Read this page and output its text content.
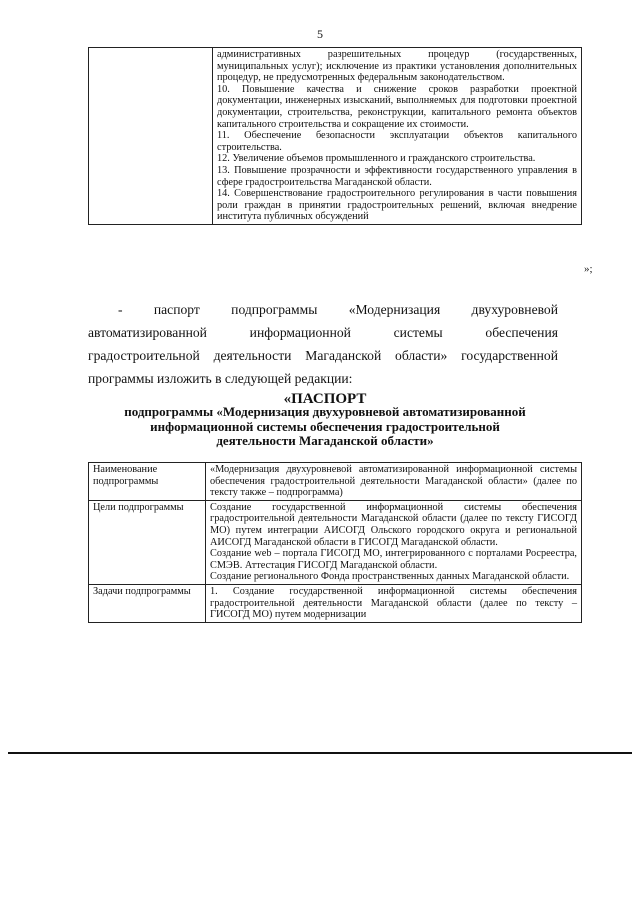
5

административных разрешительных процедур (государственных, муниципальных услуг); исключение из практики установления дополнительных процедур, не предусмотренных федеральным законодательством.
10. Повышение качества и снижение сроков разработки проектной документации, инженерных изысканий, выполняемых для подготовки проектной документации, строительства, реконструкции, капитального ремонта объектов капитального строительства и сокращение их стоимости.
11. Обеспечение безопасности эксплуатации объектов капитального строительства.
12. Увеличение объемов промышленного и гражданского строительства.
13. Повышение прозрачности и эффективности государственного управления в сфере градостроительства Магаданской области.
14. Совершенствование градостроительного регулирования в части повышения роли граждан в принятии градостроительных решений, включая внедрение института публичных обсуждений
»;
- паспорт подпрограммы «Модернизация двухуровневой
автоматизированной информационной системы обеспечения
градостроительной деятельности Магаданской области» государственной
программы изложить в следующей редакции:
«ПАСПОРТ
подпрограммы «Модернизация двухуровневой автоматизированной
информационной системы обеспечения градостроительной
деятельности Магаданской области»
Наименование подпрограммы	«Модернизация двухуровневой автоматизированной информационной системы обеспечения градостроительной деятельности Магаданской области» (далее по тексту также – подпрограмма)

Цели подпрограммы	Создание государственной информационной системы обеспечения градостроительной деятельности Магаданской области (далее по тексту ГИСОГД МО) путем интеграции АИСОГД Ольского городского округа и региональной АИСОГД Магаданской области в ГИСОГД Магаданской области.
Создание web – портала ГИСОГД МО, интегрированного с порталами Росреестра, СМЭВ. Аттестация ГИСОГД Магаданской области.
Создание регионального Фонда пространственных данных Магаданской области.

Задачи подпрограммы	1. Создание государственной информационной системы обеспечения градостроительной деятельности Магаданской области (далее по тексту – ГИСОГД МО) путем модернизации
